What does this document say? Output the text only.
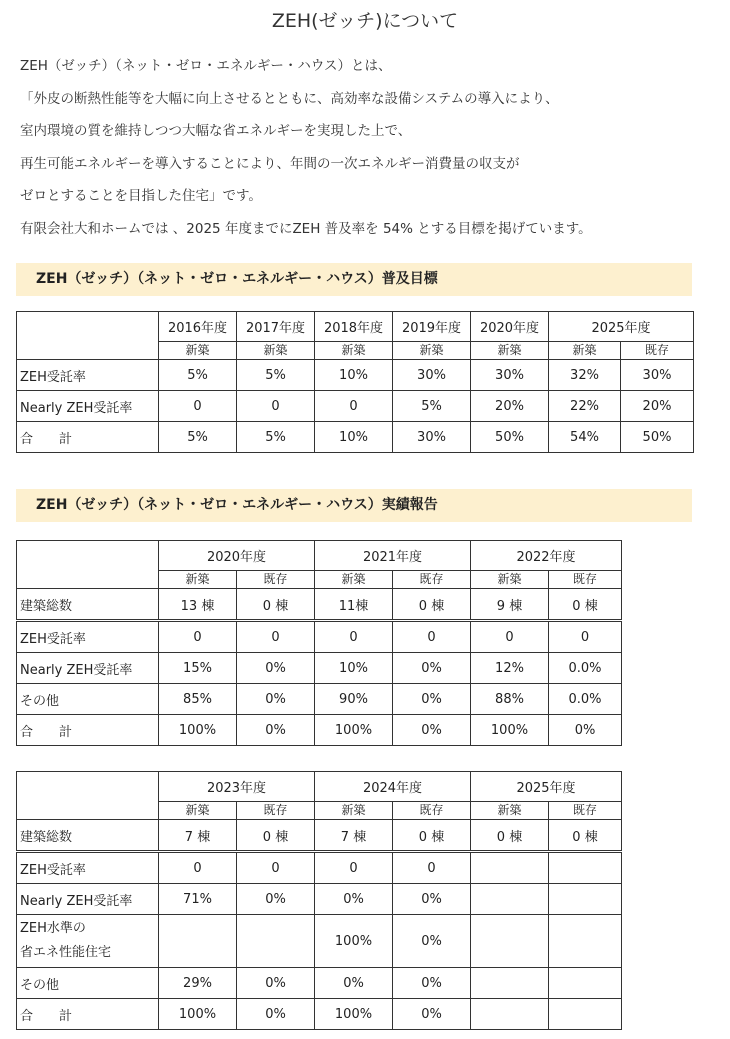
ZEH(ゼッチ)について

ZEH（ゼッチ）（ネット・ゼロ・エネルギー・ハウス）とは、

「外皮の断熱性能等を大幅に向上させるとともに、高効率な設備システムの導入により、

室内環境の質を維持しつつ大幅な省エネルギーを実現した上で、

再生可能エネルギーを導入することにより、年間の一次エネルギー消費量の収支が

ゼロとすることを目指した住宅」です。

有限会社大和ホームでは 、2025 年度までにZEH 普及率を 54% とする目標を掲げています。

ZEH（ゼッチ）（ネット・ゼロ・エネルギー・ハウス）普及目標
	2016年度	2017年度	2018年度	2019年度	2020年度	2025年度	
	新築	新築	新築	新築	新築	新築	既存
ZEH受託率	5%	5%	10%	30%	30%	32%	30%
Nearly ZEH受託率	0	0	0	5%	20%	22%	20%
合　　計	5%	5%	10%	30%	50%	54%	50%
ZEH（ゼッチ）（ネット・ゼロ・エネルギー・ハウス）実績報告
	2020年度		2021年度		2022年度	
	新築	既存	新築	既存	新築	既存
建築総数	13 棟	0 棟	11棟	0 棟	9 棟	0 棟
ZEH受託率	0	0	0	0	0	0
Nearly ZEH受託率	15%	0%	10%	0%	12%	0.0%
その他	85%	0%	90%	0%	88%	0.0%
合　　計	100%	0%	100%	0%	100%	0%
	2023年度		2024年度		2025年度	
	新築	既存	新築	既存	新築	既存
建築総数	7 棟	0 棟	7 棟	0 棟	0 棟	0 棟
ZEH受託率	0	0	0	0		
Nearly ZEH受託率	71%	0%	0%	0%		

ZEH水準の
省エネ性能住宅			100%	0%		
その他	29%	0%	0%	0%		
合　　計	100%	0%	100%	0%		
